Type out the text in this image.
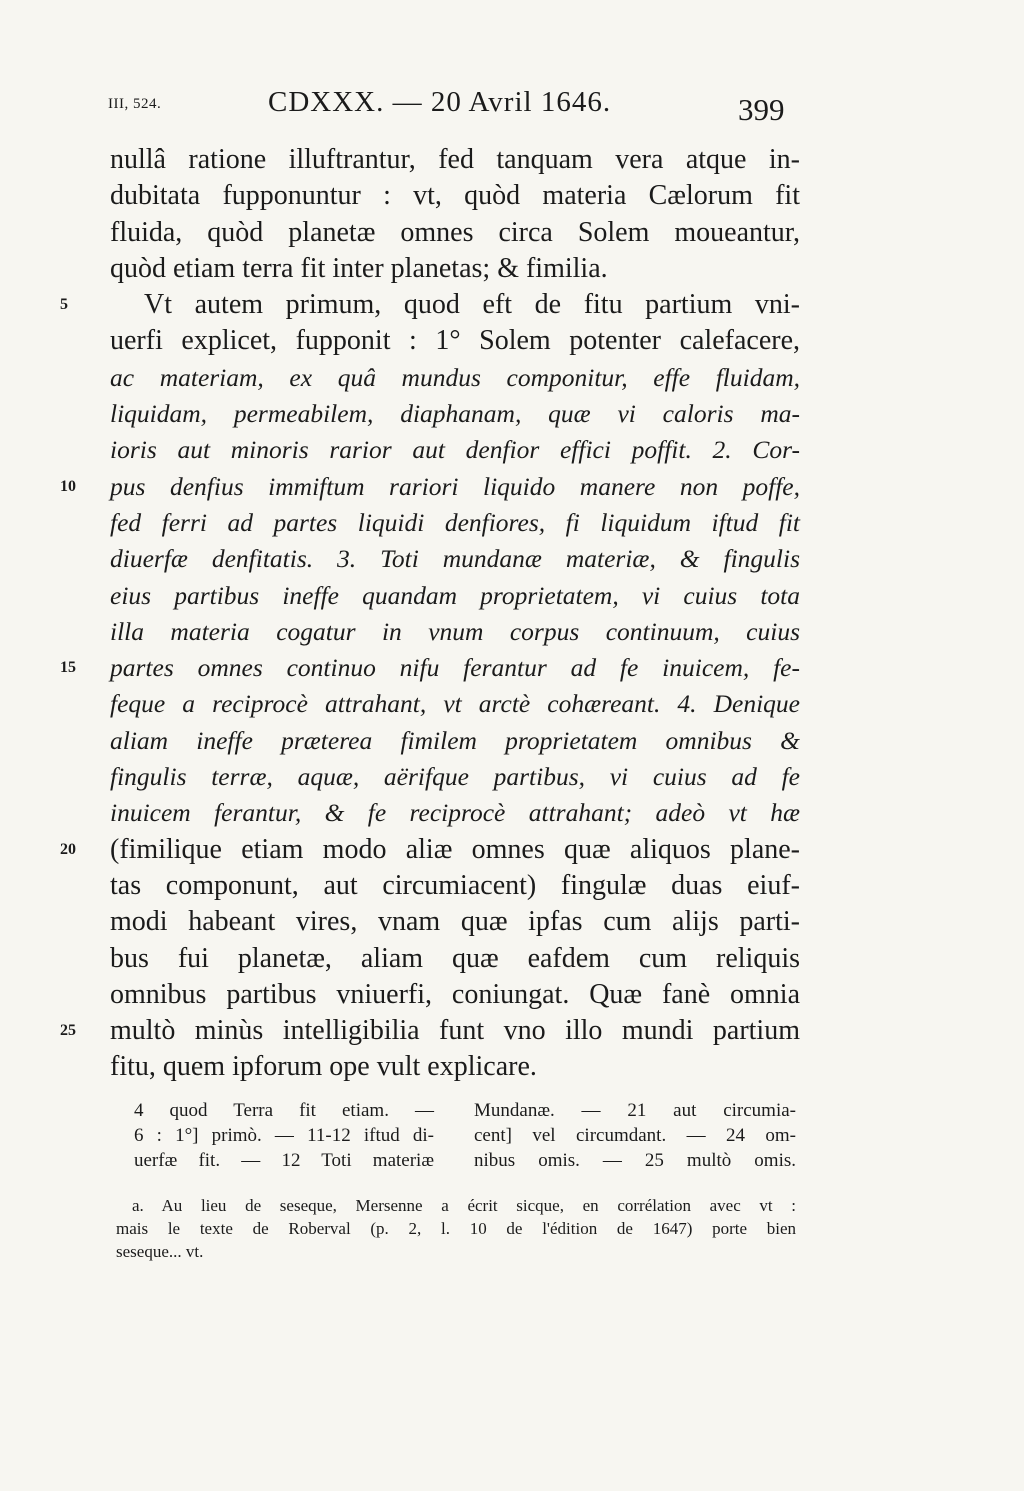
III, 524.	CDXXX. — 20 Avril 1646.	399
nullâ ratione illuftrantur, fed tanquam vera atque in-
dubitata fupponuntur : vt, quòd materia Cælorum fit
fluida, quòd planetæ omnes circa Solem moueantur,
quòd etiam terra fit inter planetas; & fimilia.
5	Vt autem primum, quod eft de fitu partium vni-
uerfi explicet, fupponit : 1° Solem potenter calefacere,
ac materiam, ex quâ mundus componitur, effe fluidam,
liquidam, permeabilem, diaphanam, quæ vi caloris ma-
ioris aut minoris rarior aut denfior effici poffit. 2. Cor-
10	pus denfius immiftum rariori liquido manere non poffe,
fed ferri ad partes liquidi denfiores, fi liquidum iftud fit
diuerfæ denfitatis. 3. Toti mundanæ materiæ, & fingulis
eius partibus ineffe quandam proprietatem, vi cuius tota
illa materia cogatur in vnum corpus continuum, cuius
15	partes omnes continuo nifu ferantur ad fe inuicem, fe-
feque a reciprocè attrahant, vt arctè cohæreant. 4. Denique
aliam ineffe præterea fimilem proprietatem omnibus &
fingulis terræ, aquæ, aërifque partibus, vi cuius ad fe
inuicem ferantur, & fe reciprocè attrahant; adeò vt hæ
20 (fimilique etiam modo aliæ omnes quæ aliquos plane-
tas componunt, aut circumiacent) fingulæ duas eiuf-
modi habeant vires, vnam quæ ipfas cum alijs parti-
bus fui planetæ, aliam quæ eafdem cum reliquis
omnibus partibus vniuerfi, coniungat. Quæ fanè omnia
25 multò minùs intelligibilia funt vno illo mundi partium
fitu, quem ipforum ope vult explicare.
4 quod Terra fit etiam. —
6 : 1°] primò. — 11-12 iftud di-
uerfæ fit. — 12 Toti materiæ
Mundanæ. — 21 aut circumia-
cent] vel circumdant. — 24 om-
nibus omis. — 25 multò omis.
a. Au lieu de seseque, Mersenne a écrit sicque, en corrélation avec vt :
mais le texte de Roberval (p. 2, l. 10 de l'édition de 1647) porte bien
seseque... vt.
